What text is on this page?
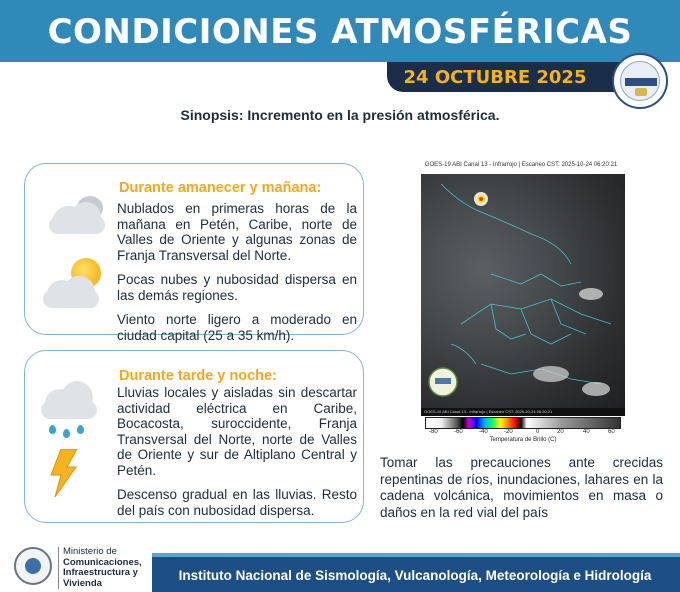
CONDICIONES ATMOSFÉRICAS
24 OCTUBRE 2025
Sinopsis: Incremento en la presión atmosférica.
Durante amanecer y mañana:

Nublados en primeras horas de la mañana en Petén, Caribe, norte de Valles de Oriente y algunas zonas de Franja Transversal del Norte.

Pocas nubes y nubosidad dispersa en las demás regiones.

Viento norte ligero a moderado en ciudad capital (25 a 35 km/h).

Durante tarde y noche:

Lluvias locales y aisladas sin descartar actividad eléctrica en Caribe, Bocacosta, suroccidente, Franja Transversal del Norte, norte de Valles de Oriente y sur de Altiplano Central y Petén.

Descenso gradual en las lluvias. Resto del país con nubosidad dispersa.

GOES-19 ABI Canal 13 - Infrarrojo | Escaneo CST: 2025-10-24 06:20:21
GOES-19 ABI Canal 13 - Infrarrojo | Escaneo CST: 2025-10-24 06:20:21
-80	-60	-40	-20	0	20	40	60
Temperatura de Brillo (C)
Tomar las precauciones ante crecidas repentinas de ríos, inundaciones, lahares en la cadena volcánica, movimientos en masa o daños en la red vial del país
Ministerio de
Comunicaciones,
Infraestructura y
Vivienda	Instituto Nacional de Sismología, Vulcanología, Meteorología e Hidrología
